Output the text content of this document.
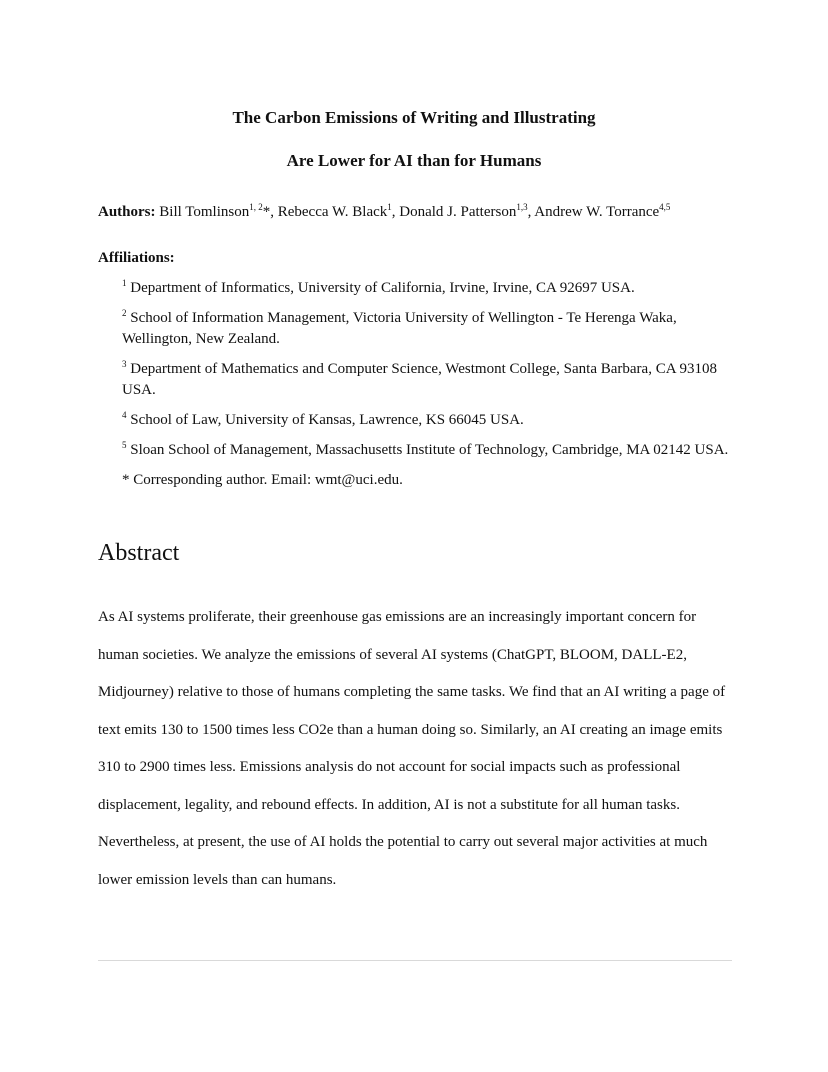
The Carbon Emissions of Writing and Illustrating
Are Lower for AI than for Humans
Authors: Bill Tomlinson$^{1, 2}$*, Rebecca W. Black$^1$, Donald J. Patterson$^{1,3}$, Andrew W. Torrance$^{4,5}$
Affiliations:
$^1$ Department of Informatics, University of California, Irvine, Irvine, CA 92697 USA.
$^2$ School of Information Management, Victoria University of Wellington - Te Herenga Waka, Wellington, New Zealand.
$^3$ Department of Mathematics and Computer Science, Westmont College, Santa Barbara, CA 93108 USA.
$^4$ School of Law, University of Kansas, Lawrence, KS 66045 USA.
$^5$ Sloan School of Management, Massachusetts Institute of Technology, Cambridge, MA 02142 USA.
* Corresponding author. Email: wmt@uci.edu.
Abstract

As AI systems proliferate, their greenhouse gas emissions are an increasingly important concern for human societies. We analyze the emissions of several AI systems (ChatGPT, BLOOM, DALL-E2, Midjourney) relative to those of humans completing the same tasks. We find that an AI writing a page of text emits 130 to 1500 times less CO2e than a human doing so. Similarly, an AI creating an image emits 310 to 2900 times less. Emissions analysis do not account for social impacts such as professional displacement, legality, and rebound effects. In addition, AI is not a substitute for all human tasks. Nevertheless, at present, the use of AI holds the potential to carry out several major activities at much lower emission levels than can humans.
